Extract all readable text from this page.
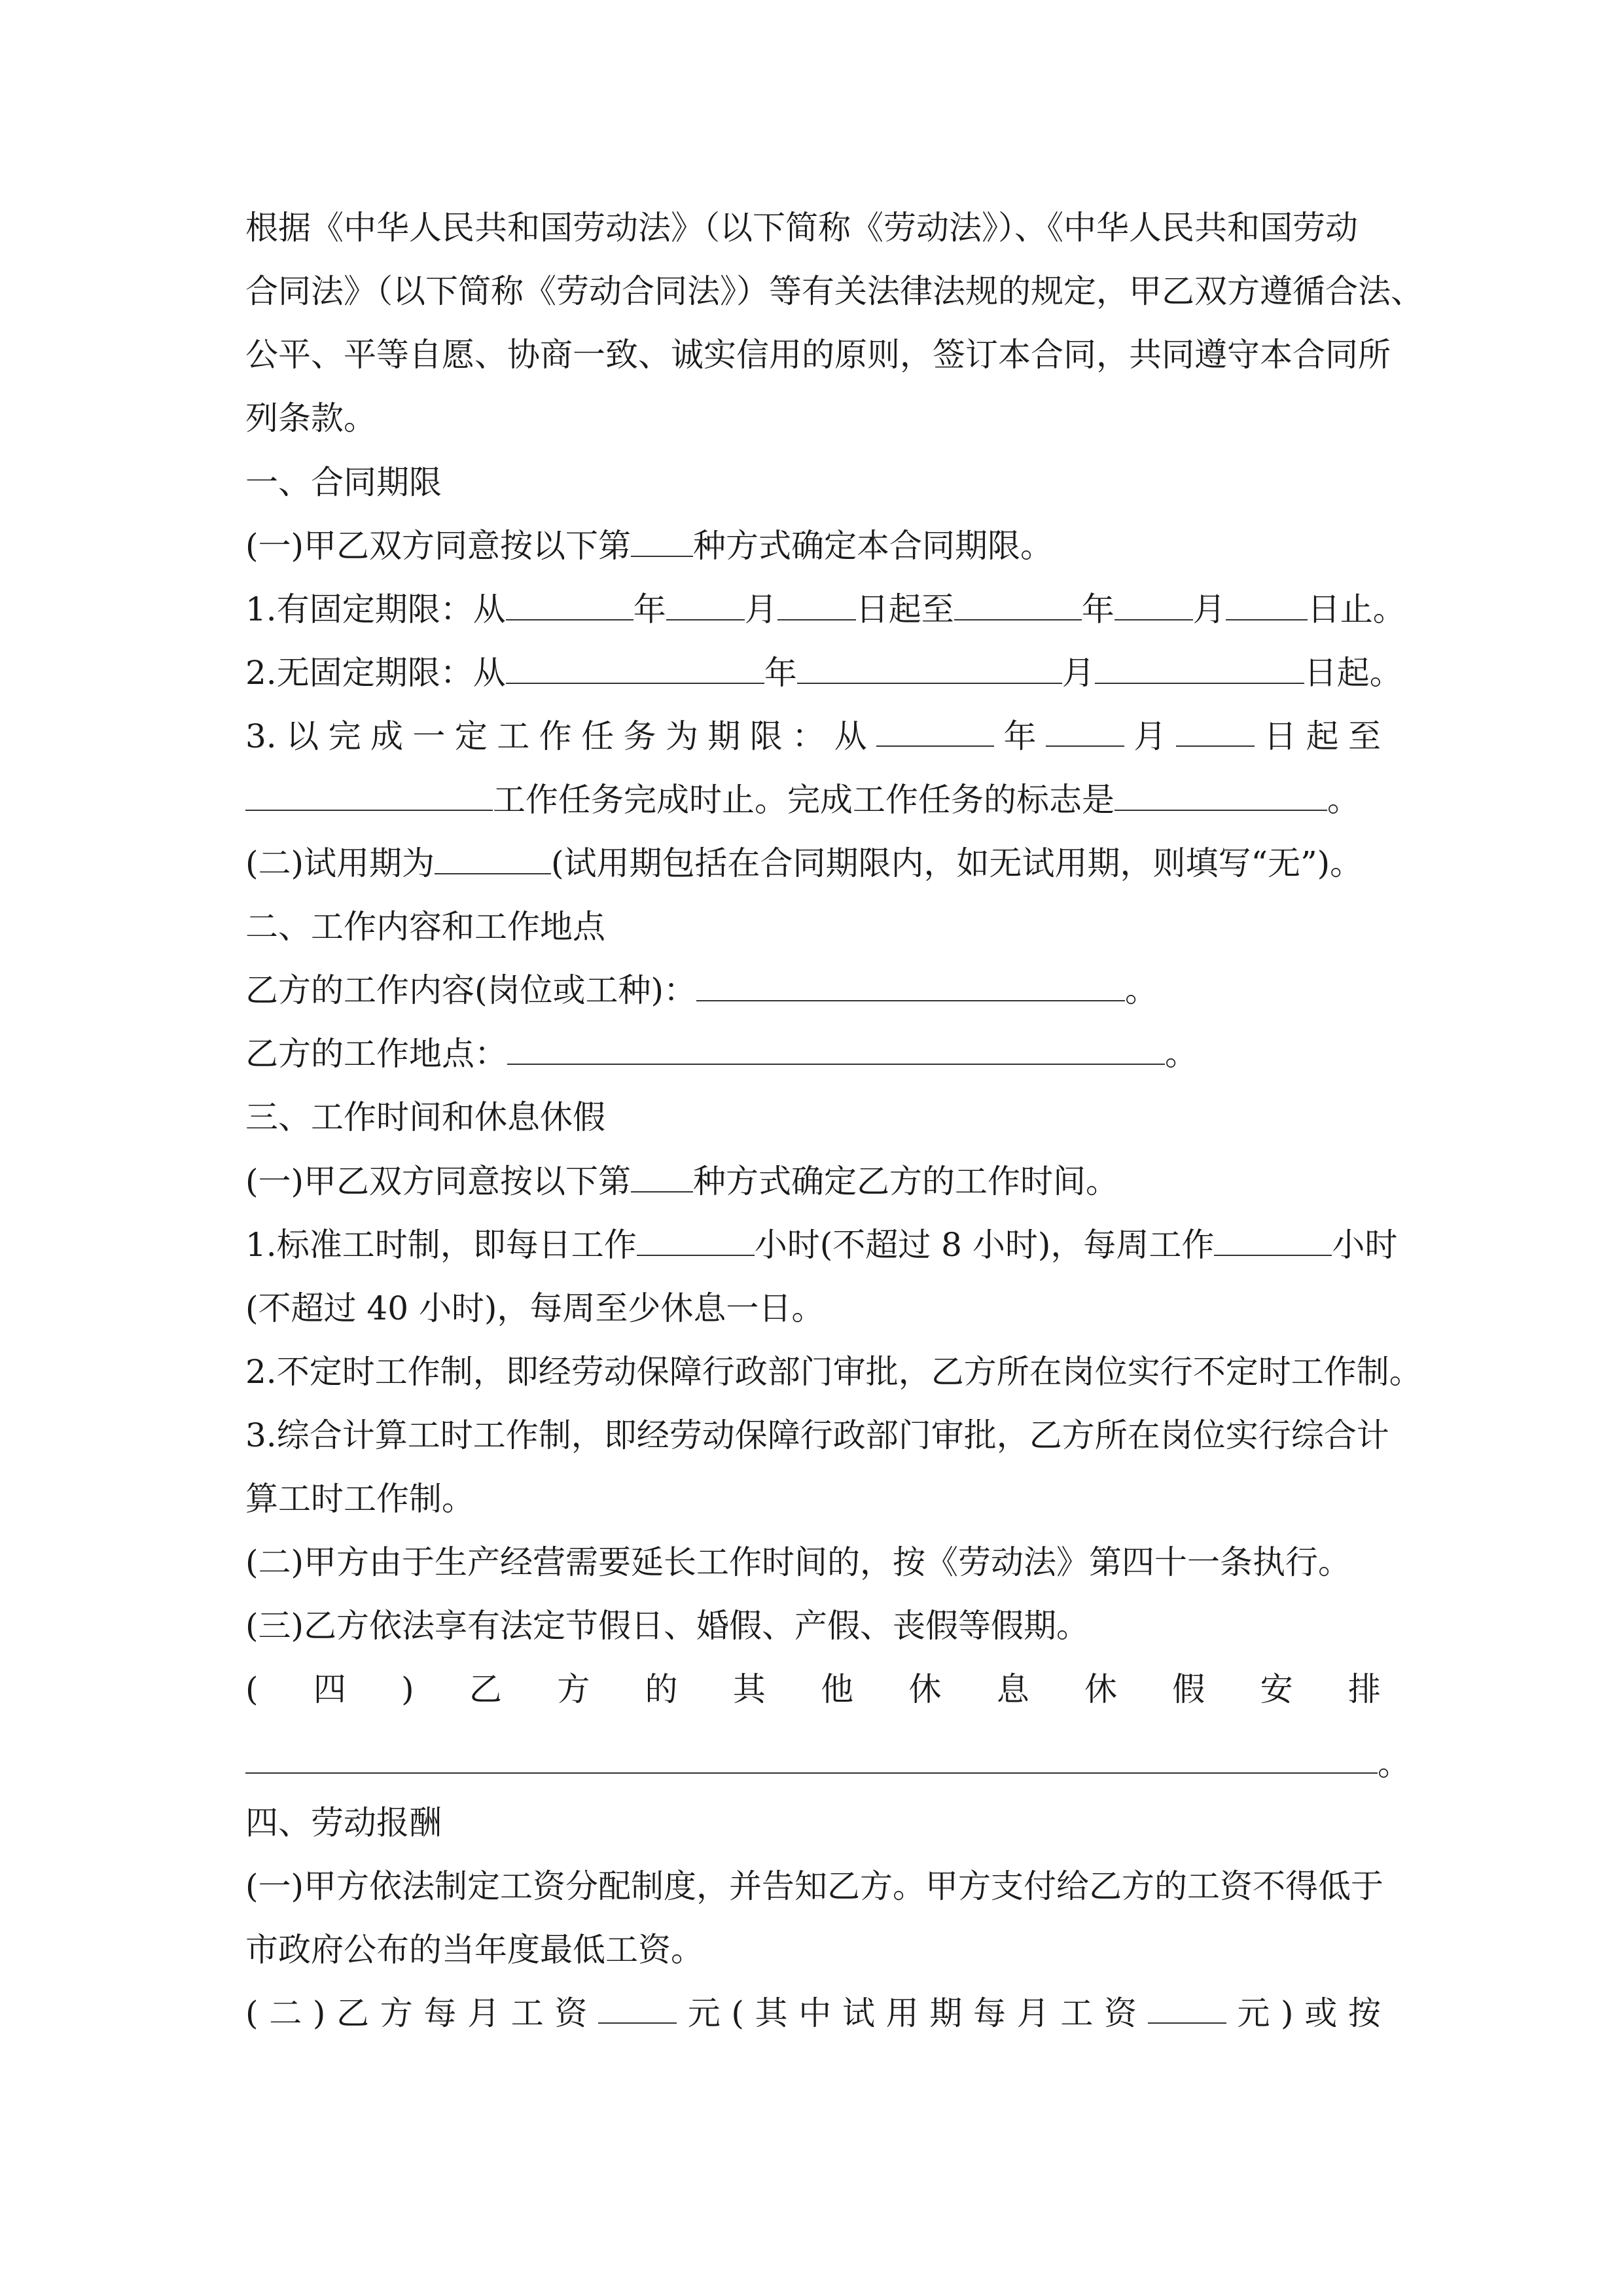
根据《中华人民共和国劳动法》（以下简称《劳动法》）、《中华人民共和国劳动
合同法》（以下简称《劳动合同法》）等有关法律法规的规定，甲乙双方遵循合法、
公平、平等自愿、协商一致、诚实信用的原则，签订本合同，共同遵守本合同所
列条款。
一、合同期限
(一)甲乙双方同意按以下第 种方式确定本合同期限。
1.有固定期限：从	年 月 日起至	年 月	日止。
2.无固定期限：从	年	月	日起。
3. 以 完 成 一 定 工 作 任 务 为 期 限 ： 从	年	月	日 起 至
工作任务完成时止。完成工作任务的标志是	。
(二)试用期为	(试用期包括在合同期限内，如无试用期，则填写“无”)。
二、工作内容和工作地点
乙方的工作内容(岗位或工种)：	。
乙方的工作地点：	。
三、工作时间和休息休假
(一)甲乙双方同意按以下第 种方式确定乙方的工作时间。
1.标准工时制，即每日工作	小时(不超过 8 小时)，每周工作	小时
(不超过 40 小时)，每周至少休息一日。
2.不定时工作制，即经劳动保障行政部门审批，乙方所在岗位实行不定时工作制。
3.综合计算工时工作制，即经劳动保障行政部门审批，乙方所在岗位实行综合计
算工时工作制。
(二)甲方由于生产经营需要延长工作时间的，按《劳动法》第四十一条执行。
(三)乙方依法享有法定节假日、婚假、产假、丧假等假期。
( 四 ) 乙 方 的 其 他 休 息 休 假 安 排
。
四、劳动报酬
(一)甲方依法制定工资分配制度，并告知乙方。甲方支付给乙方的工资不得低于
市政府公布的当年度最低工资。
( 二 ) 乙 方 每 月 工 资	元 ( 其 中 试 用 期 每 月 工 资	元 ) 或 按
